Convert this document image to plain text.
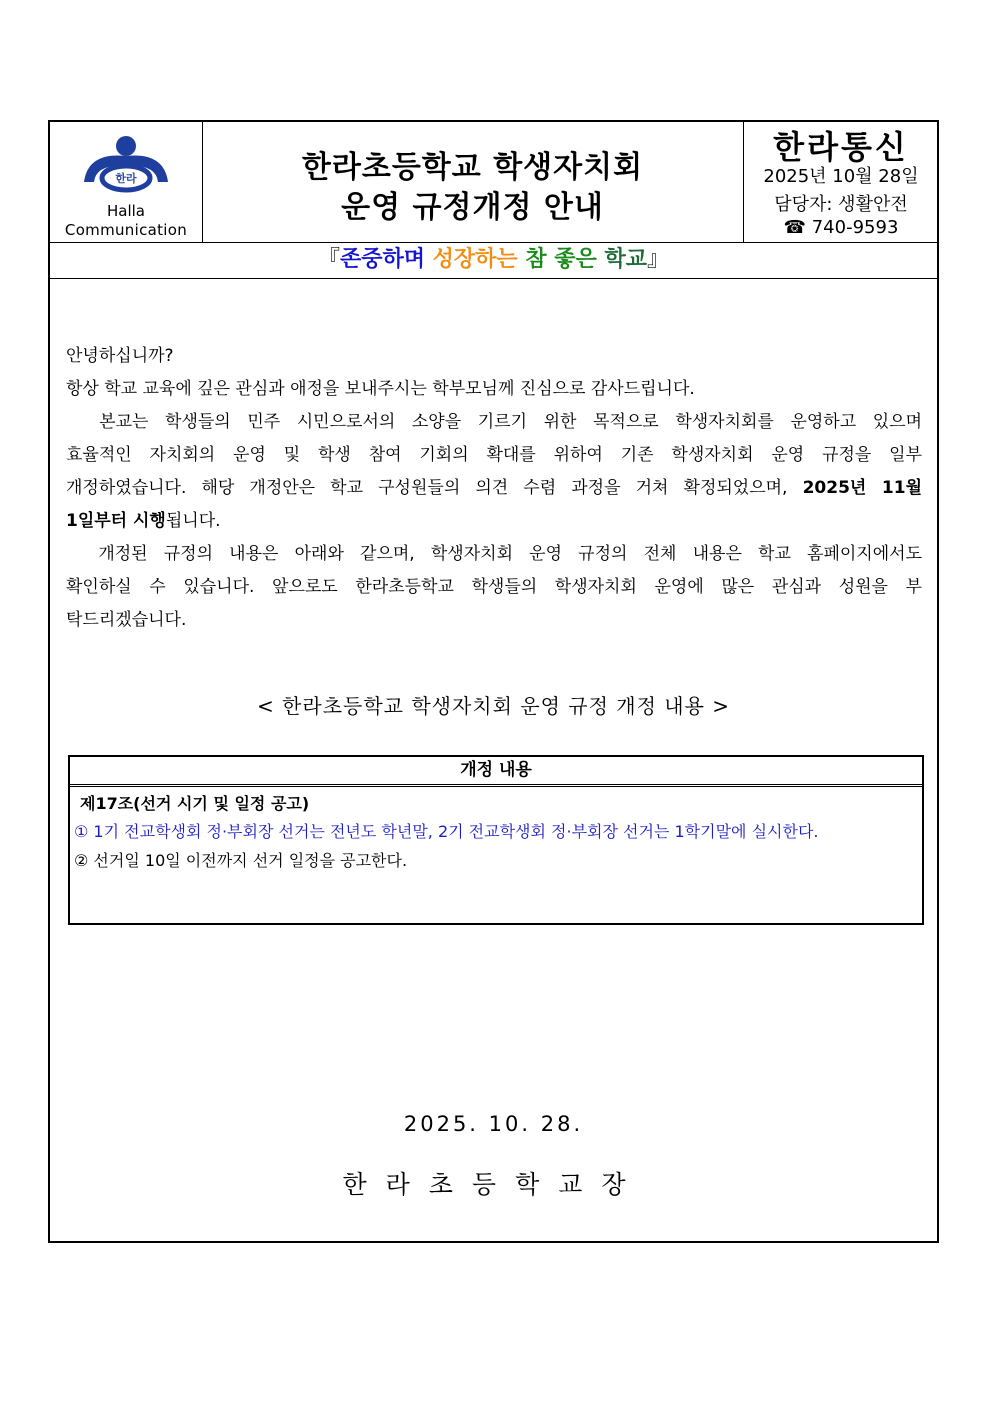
한라
Halla
Communication
한라초등학교 학생자치회
운영 규정개정 안내
한라통신
2025년 10월 28일
담당자: 생활안전
☎ 740-9593
『존중하며 성장하는 참 좋은 학교』

안녕하십니까?

항상 학교 교육에 깊은 관심과 애정을 보내주시는 학부모님께 진심으로 감사드립니다.

본교는 학생들의 민주 시민으로서의 소양을 기르기 위한 목적으로 학생자치회를 운영하고 있으며

효율적인 자치회의 운영 및 학생 참여 기회의 확대를 위하여 기존 학생자치회 운영 규정을 일부

개정하였습니다. 해당 개정안은 학교 구성원들의 의견 수렴 과정을 거쳐 확정되었으며, 2025년 11월

1일부터 시행됩니다.

개정된 규정의 내용은 아래와 같으며, 학생자치회 운영 규정의 전체 내용은 학교 홈페이지에서도

확인하실 수 있습니다. 앞으로도 한라초등학교 학생들의 학생자치회 운영에 많은 관심과 성원을 부

탁드리겠습니다.

< 한라초등학교 학생자치회 운영 규정 개정 내용 >
개정 내용
제17조(선거 시기 및 일정 공고)
① 1기 전교학생회 정·부회장 선거는 전년도 학년말, 2기 전교학생회 정·부회장 선거는 1학기말에 실시한다.
② 선거일 10일 이전까지 선거 일정을 공고한다.
2025. 10. 28.
한라초등학교장
